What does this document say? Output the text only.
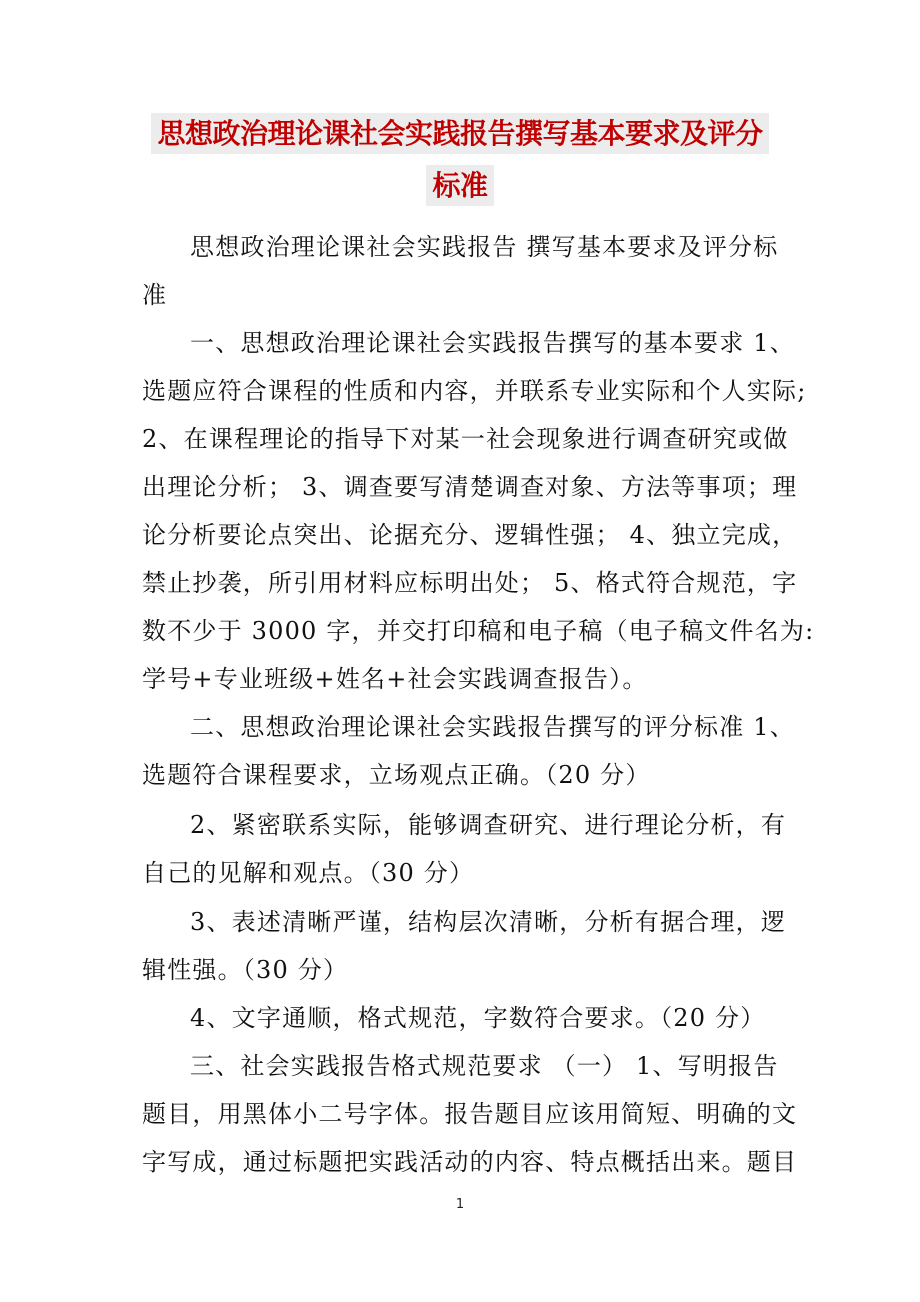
思想政治理论课社会实践报告撰写基本要求及评分
标准
思想政治理论课社会实践报告 撰写基本要求及评分标
准
一、思想政治理论课社会实践报告撰写的基本要求 1、
选题应符合课程的性质和内容，并联系专业实际和个人实际;
2、在课程理论的指导下对某一社会现象进行调查研究或做
出理论分析； 3、调查要写清楚调查对象、方法等事项；理
论分析要论点突出、论据充分、逻辑性强； 4、独立完成，
禁止抄袭，所引用材料应标明出处； 5、格式符合规范，字
数不少于 3000 字，并交打印稿和电子稿（电子稿文件名为:
学号+专业班级+姓名+社会实践调查报告）。
二、思想政治理论课社会实践报告撰写的评分标准 1、
选题符合课程要求，立场观点正确。（20 分）
2、紧密联系实际，能够调查研究、进行理论分析，有
自己的见解和观点。（30 分）
3、表述清晰严谨，结构层次清晰，分析有据合理，逻
辑性强。（30 分）
4、文字通顺，格式规范，字数符合要求。（20 分）
三、社会实践报告格式规范要求 （一） 1、写明报告
题目，用黑体小二号字体。报告题目应该用简短、明确的文
字写成，通过标题把实践活动的内容、特点概括出来。题目
1
